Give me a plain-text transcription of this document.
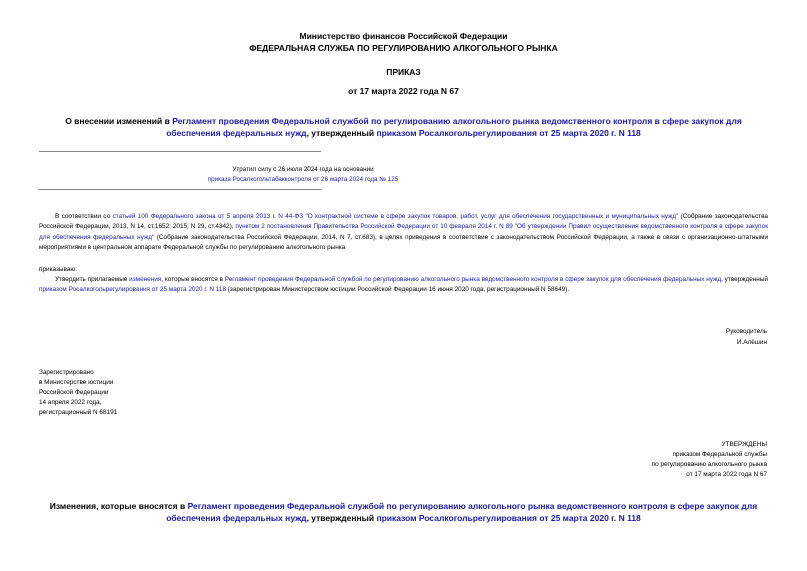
Министерство финансов Российской Федерации
ФЕДЕРАЛЬНАЯ СЛУЖБА ПО РЕГУЛИРОВАНИЮ АЛКОГОЛЬНОГО РЫНКА
ПРИКАЗ
от 17 марта 2022 года N 67
О внесении изменений в Регламент проведения Федеральной службой по регулированию алкогольного рынка ведомственного контроля в сфере закупок для обеспечения федеральных нужд, утвержденный приказом Росалкогольрегулирования от 25 марта 2020 г. N 118
Утратил силу с 26 июля 2024 года на основании
приказа Росалкогольтабакконтроля от 26 марта 2024 года № 125
В соответствии со статьей 100 Федерального закона от 5 апреля 2013 г. N 44-ФЗ "О контрактной системе в сфере закупок товаров, работ, услуг для обеспечения государственных и муниципальных нужд" (Собрание законодательства Российской Федерации, 2013, N 14, ст.1652; 2015, N 29, ст.4342), пунктом 2 постановления Правительства Российской Федерации от 10 февраля 2014 г. N 89 "Об утверждении Правил осуществления ведомственного контроля в сфере закупок для обеспечения федеральных нужд" (Собрание законодательства Российской Федерации, 2014, N 7, ст.683), в целях приведения в соответствие с законодательством Российской Федерации, а также в связи с организационно-штатными мероприятиями в центральном аппарате Федеральной службы по регулированию алкогольного рынка
приказываю:
Утвердить прилагаемые изменения, которые вносятся в Регламент проведения Федеральной службой по регулированию алкогольного рынка ведомственного контроля в сфере закупок для обеспечения федеральных нужд, утвержденный приказом Росалкогольрегулирования от 25 марта 2020 г. N 118 (зарегистрирован Министерством юстиции Российской Федерации 16 июня 2020 года, регистрационный N 58649).
Руководитель
И.Алёшин
Зарегистрировано
в Министерстве юстиции
Российской Федерации
14 апреля 2022 года,
регистрационный N 68191
УТВЕРЖДЕНЫ
приказом Федеральной службы
по регулированию алкогольного рынка
от 17 марта 2022 года N 67
Изменения, которые вносятся в Регламент проведения Федеральной службой по регулированию алкогольного рынка ведомственного контроля в сфере закупок для обеспечения федеральных нужд, утвержденный приказом Росалкогольрегулирования от 25 марта 2020 г. N 118
